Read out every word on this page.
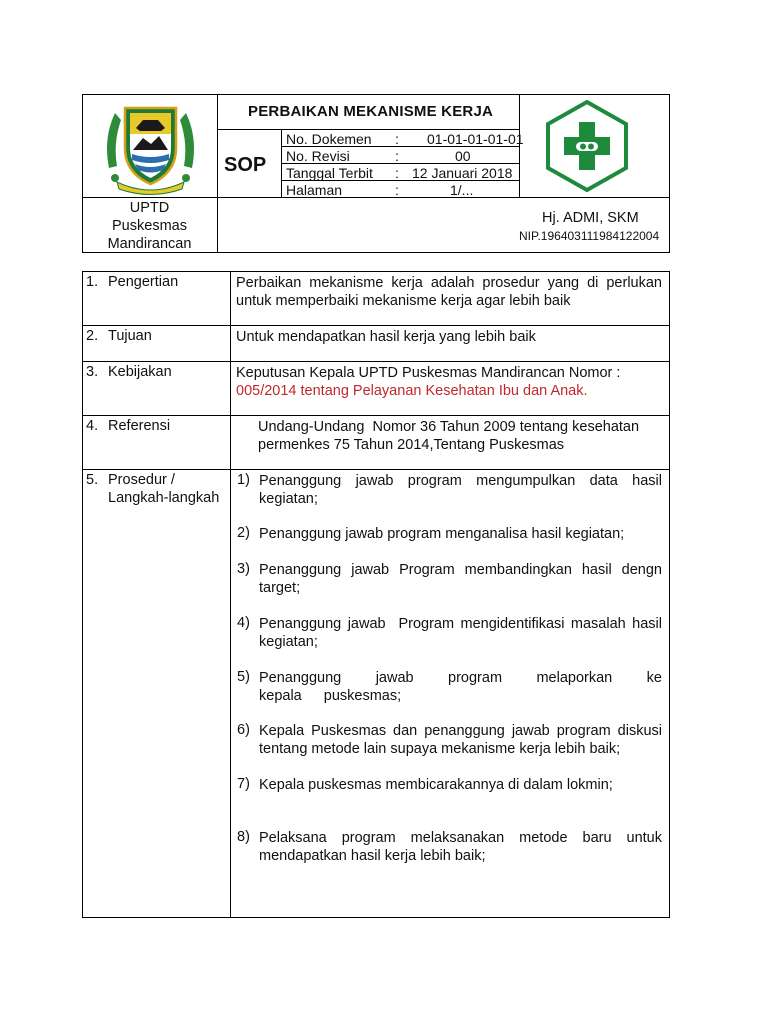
PERBAIKAN MEKANISME KERJA
SOP
No. Dokemen : 01-01-01-01-01
No. Revisi	:	00
Tanggal Terbit : 12 Januari 2018
Halaman	:	1/...
UPTD
Puskesmas
Mandirancan
Hj. ADMI, SKM
NIP.196403111984122004
1. Pengertian	Perbaikan mekanisme kerja adalah prosedur yang di perlukan untuk memperbaiki mekanisme kerja agar lebih baik
2. Tujuan	Untuk mendapatkan hasil kerja yang lebih baik
3. Kebijakan	Keputusan Kepala UPTD Puskesmas Mandirancan Nomor :
005/2014 tentang Pelayanan Kesehatan Ibu dan Anak.
4. Referensi	Undang-Undang  Nomor 36 Tahun 2009 tentang kesehatan
permenkes 75 Tahun 2014,Tentang Puskesmas
5. Prosedur /
Langkah-langkah
1) Penanggung jawab program mengumpulkan data hasil kegiatan;
2) Penanggung jawab program menganalisa hasil kegiatan;
3) Penanggung jawab Program membandingkan hasil dengn target;
4) Penanggung jawab  Program mengidentifikasi masalah hasil kegiatan;
5) Penanggung jawab program melaporkan ke kepala puskesmas;
6) Kepala Puskesmas dan penanggung jawab program diskusi tentang metode lain supaya mekanisme kerja lebih baik;
7) Kepala puskesmas membicarakannya di dalam lokmin;
8) Pelaksana program melaksanakan metode baru untuk mendapatkan hasil kerja lebih baik;
